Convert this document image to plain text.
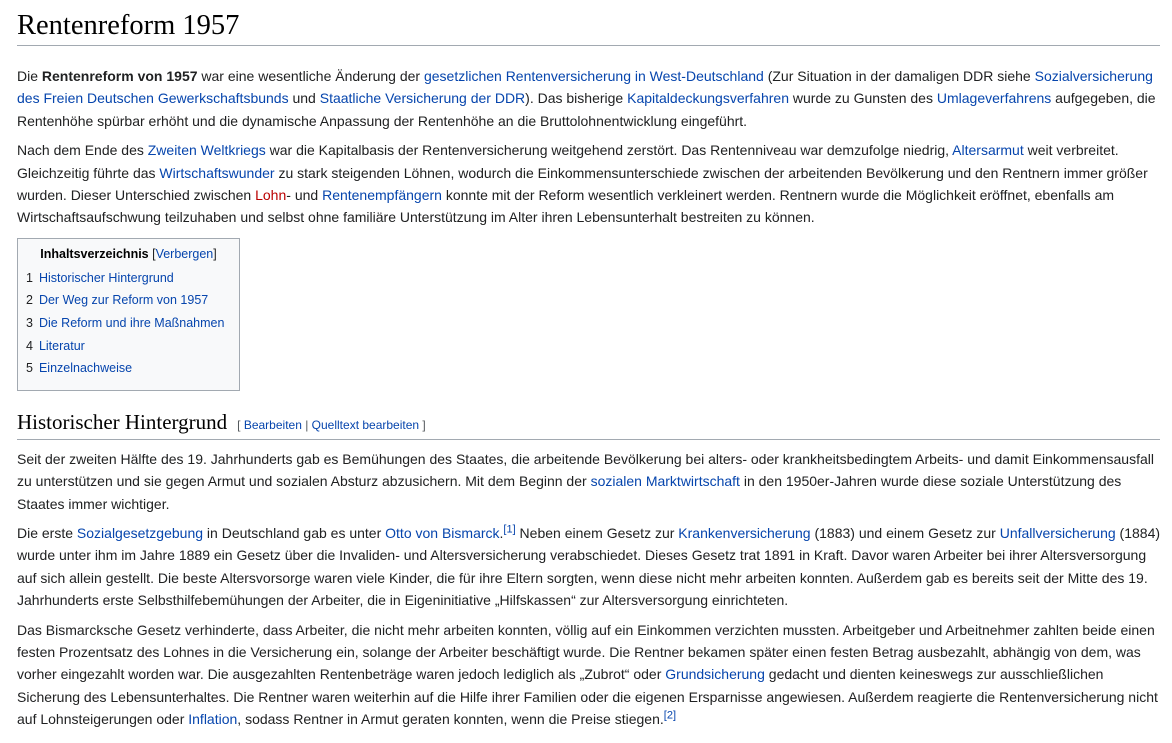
Rentenreform 1957

Die Rentenreform von 1957 war eine wesentliche Änderung der gesetzlichen Rentenversicherung in West-Deutschland (Zur Situation in der damaligen DDR siehe Sozialversicherung des Freien Deutschen Gewerkschaftsbunds und Staatliche Versicherung der DDR). Das bisherige Kapitaldeckungsverfahren wurde zu Gunsten des Umlageverfahrens aufgegeben, die Rentenhöhe spürbar erhöht und die dynamische Anpassung der Rentenhöhe an die Bruttolohnentwicklung eingeführt.

Nach dem Ende des Zweiten Weltkriegs war die Kapitalbasis der Rentenversicherung weitgehend zerstört. Das Rentenniveau war demzufolge niedrig, Altersarmut weit verbreitet. Gleichzeitig führte das Wirtschaftswunder zu stark steigenden Löhnen, wodurch die Einkommensunterschiede zwischen der arbeitenden Bevölkerung und den Rentnern immer größer wurden. Dieser Unterschied zwischen Lohn- und Rentenempfängern konnte mit der Reform wesentlich verkleinert werden. Rentnern wurde die Möglichkeit eröffnet, ebenfalls am Wirtschaftsaufschwung teilzuhaben und selbst ohne familiäre Unterstützung im Alter ihren Lebensunterhalt bestreiten zu können.

Inhaltsverzeichnis [Verbergen]
1 Historischer Hintergrund
2 Der Weg zur Reform von 1957
3 Die Reform und ihre Maßnahmen
4 Literatur
5 Einzelnachweise
Historischer Hintergrund [ Bearbeiten | Quelltext bearbeiten ]

Seit der zweiten Hälfte des 19. Jahrhunderts gab es Bemühungen des Staates, die arbeitende Bevölkerung bei alters- oder krankheitsbedingtem Arbeits- und damit Einkommensausfall zu unterstützen und sie gegen Armut und sozialen Absturz abzusichern. Mit dem Beginn der sozialen Marktwirtschaft in den 1950er-Jahren wurde diese soziale Unterstützung des Staates immer wichtiger.

Die erste Sozialgesetzgebung in Deutschland gab es unter Otto von Bismarck.[1] Neben einem Gesetz zur Krankenversicherung (1883) und einem Gesetz zur Unfallversicherung (1884) wurde unter ihm im Jahre 1889 ein Gesetz über die Invaliden- und Altersversicherung verabschiedet. Dieses Gesetz trat 1891 in Kraft. Davor waren Arbeiter bei ihrer Altersversorgung auf sich allein gestellt. Die beste Altersvorsorge waren viele Kinder, die für ihre Eltern sorgten, wenn diese nicht mehr arbeiten konnten. Außerdem gab es bereits seit der Mitte des 19. Jahrhunderts erste Selbsthilfebemühungen der Arbeiter, die in Eigeninitiative „Hilfskassen“ zur Altersversorgung einrichteten.

Das Bismarcksche Gesetz verhinderte, dass Arbeiter, die nicht mehr arbeiten konnten, völlig auf ein Einkommen verzichten mussten. Arbeitgeber und Arbeitnehmer zahlten beide einen festen Prozentsatz des Lohnes in die Versicherung ein, solange der Arbeiter beschäftigt wurde. Die Rentner bekamen später einen festen Betrag ausbezahlt, abhängig von dem, was vorher eingezahlt worden war. Die ausgezahlten Rentenbeträge waren jedoch lediglich als „Zubrot“ oder Grundsicherung gedacht und dienten keineswegs zur ausschließlichen Sicherung des Lebensunterhaltes. Die Rentner waren weiterhin auf die Hilfe ihrer Familien oder die eigenen Ersparnisse angewiesen. Außerdem reagierte die Rentenversicherung nicht auf Lohnsteigerungen oder Inflation, sodass Rentner in Armut geraten konnten, wenn die Preise stiegen.[2]
